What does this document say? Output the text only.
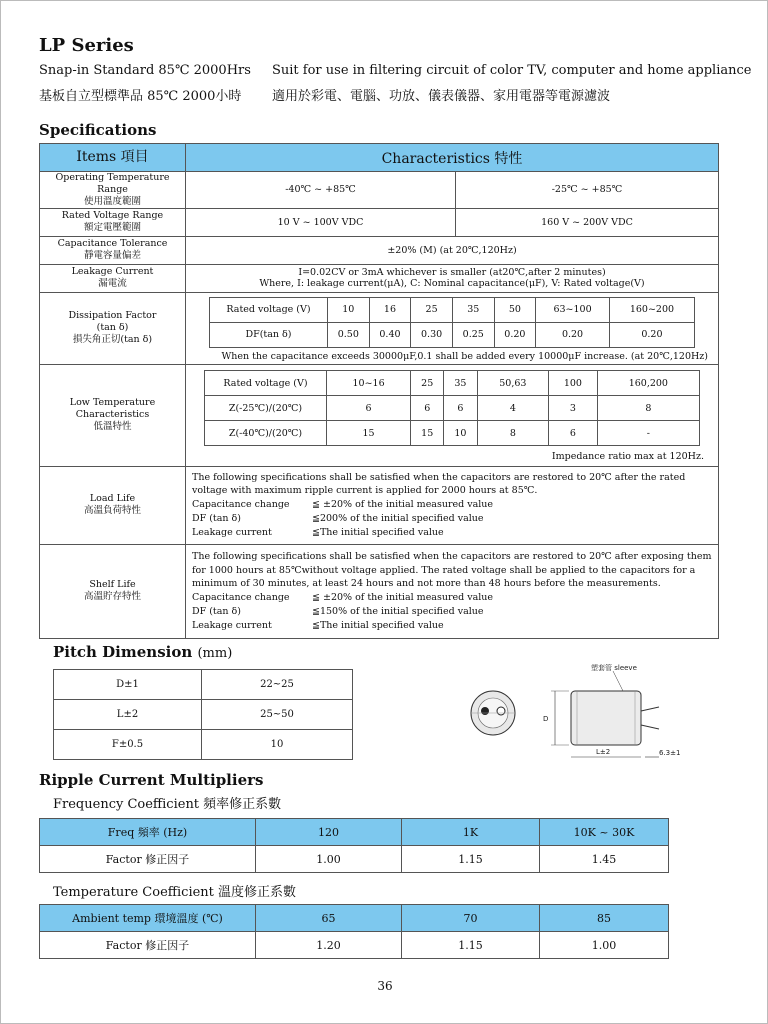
LP Series
Snap-in Standard 85℃ 2000Hrs Suit for use in filtering circuit of color TV, computer and home appliance
基板自立型標準品 85℃ 2000小時 適用於彩電、電腦、功放、儀表儀器、家用電器等電源濾波
Specifications
Items 項目	Characteristics 特性

Operating Temperature Range
使用溫度範圍
	-40℃ ~ +85℃	-25℃ ~ +85℃

Rated Voltage Range
額定電壓範圍	10 V ~ 100V VDC	160 V ~ 200V VDC

Capacitance Tolerance
靜電容量偏差	±20% (M) (at 20℃,120Hz)

Leakage Current
漏電流

I=0.02CV or 3mA whichever is smaller (at20℃,after 2 minutes)
Where, I: leakage current(μA), C: Nominal capacitance(μF), V: Rated voltage(V)

Dissipation Factor
(tan δ)
損失角正切(tan δ)

Rated voltage (V)	10	16	25	35	50	63~100	160~200
DF(tan δ)	0.50	0.40	0.30	0.25	0.20	0.20	0.20
When the capacitance exceeds 30000μF,0.1 shall be added every 10000μF increase. (at 20℃,120Hz)

Low Temperature
Characteristics
低溫特性

Rated voltage (V)	10~16	25	35	50,63	100	160,200
Z(-25℃)/(20℃)	6	6	6	4	3	8
Z(-40℃)/(20℃)	15	15	10	8	6	-
Impedance ratio max at 120Hz.

Load Life
高溫負荷特性

The following specifications shall be satisfied when the capacitors are restored to 20℃ after the rated voltage with maximum ripple current is applied for 2000 hours at 85℃.
Capacitance change	≦ ±20% of the initial measured value
DF (tan δ)	≦200% of the initial specified value
Leakage current	≦The initial specified value

Shelf Life
高溫貯存特性

The following specifications shall be satisfied when the capacitors are restored to 20℃ after exposing them for 1000 hours at 85℃without voltage applied. The rated voltage shall be applied to the capacitors for a minimum of 30 minutes, at least 24 hours and not more than 48 hours before the measurements.
Capacitance change	≦ ±20% of the initial measured value
DF (tan δ)	≦150% of the initial specified value
Leakage current	≦The initial specified value
Pitch Dimension (mm)
D±1	22~25
L±2	25~50
F±0.5	10
塑套管 sleeve
D
L±2	6.3±1
Ripple Current Multipliers
Frequency Coefficient 頻率修正系數
Freq 頻率 (Hz)	120	1K	10K ~ 30K
Factor 修正因子	1.00	1.15	1.45
Temperature Coefficient 溫度修正系數
Ambient temp 環境溫度 (℃)	65	70	85
Factor 修正因子	1.20	1.15	1.00
36
